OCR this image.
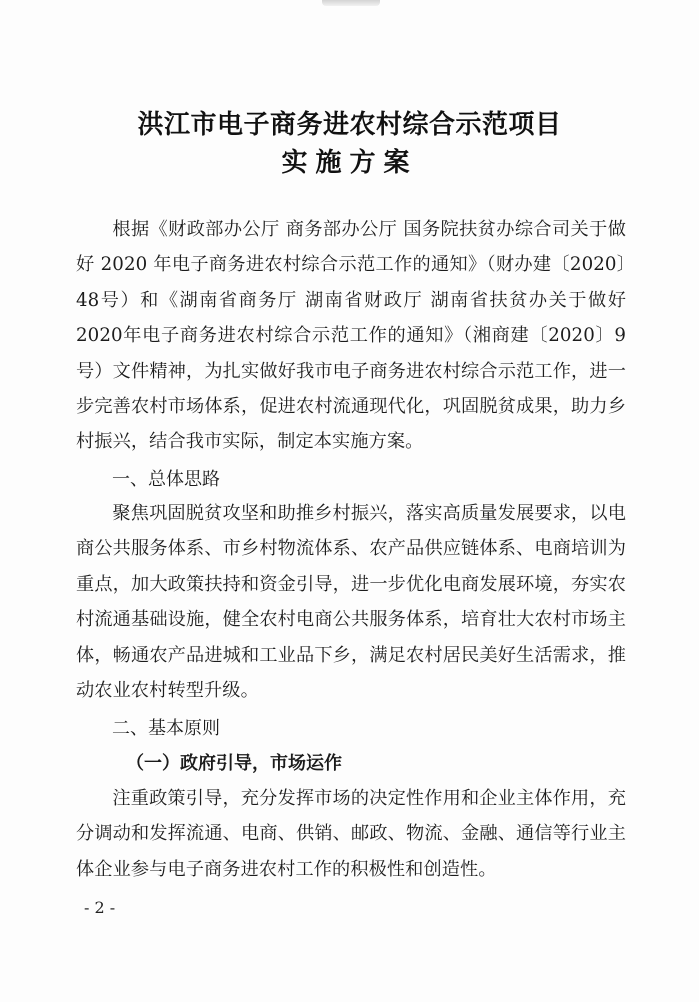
洪江市电子商务进农村综合示范项目
实施方案

根据《财政部办公厅 商务部办公厅 国务院扶贫办综合司关于做好 2020 年电子商务进农村综合示范工作的通知》（财办建〔2020〕48号）和《湖南省商务厅 湖南省财政厅 湖南省扶贫办关于做好2020年电子商务进农村综合示范工作的通知》（湘商建〔2020〕9号）文件精神，为扎实做好我市电子商务进农村综合示范工作，进一步完善农村市场体系，促进农村流通现代化，巩固脱贫成果，助力乡村振兴，结合我市实际，制定本实施方案。

一、总体思路

聚焦巩固脱贫攻坚和助推乡村振兴，落实高质量发展要求，以电商公共服务体系、市乡村物流体系、农产品供应链体系、电商培训为重点，加大政策扶持和资金引导，进一步优化电商发展环境，夯实农村流通基础设施，健全农村电商公共服务体系，培育壮大农村市场主体，畅通农产品进城和工业品下乡，满足农村居民美好生活需求，推动农业农村转型升级。

二、基本原则
（一）政府引导，市场运作

注重政策引导，充分发挥市场的决定性作用和企业主体作用，充分调动和发挥流通、电商、供销、邮政、物流、金融、通信等行业主体企业参与电子商务进农村工作的积极性和创造性。

- 2 -
